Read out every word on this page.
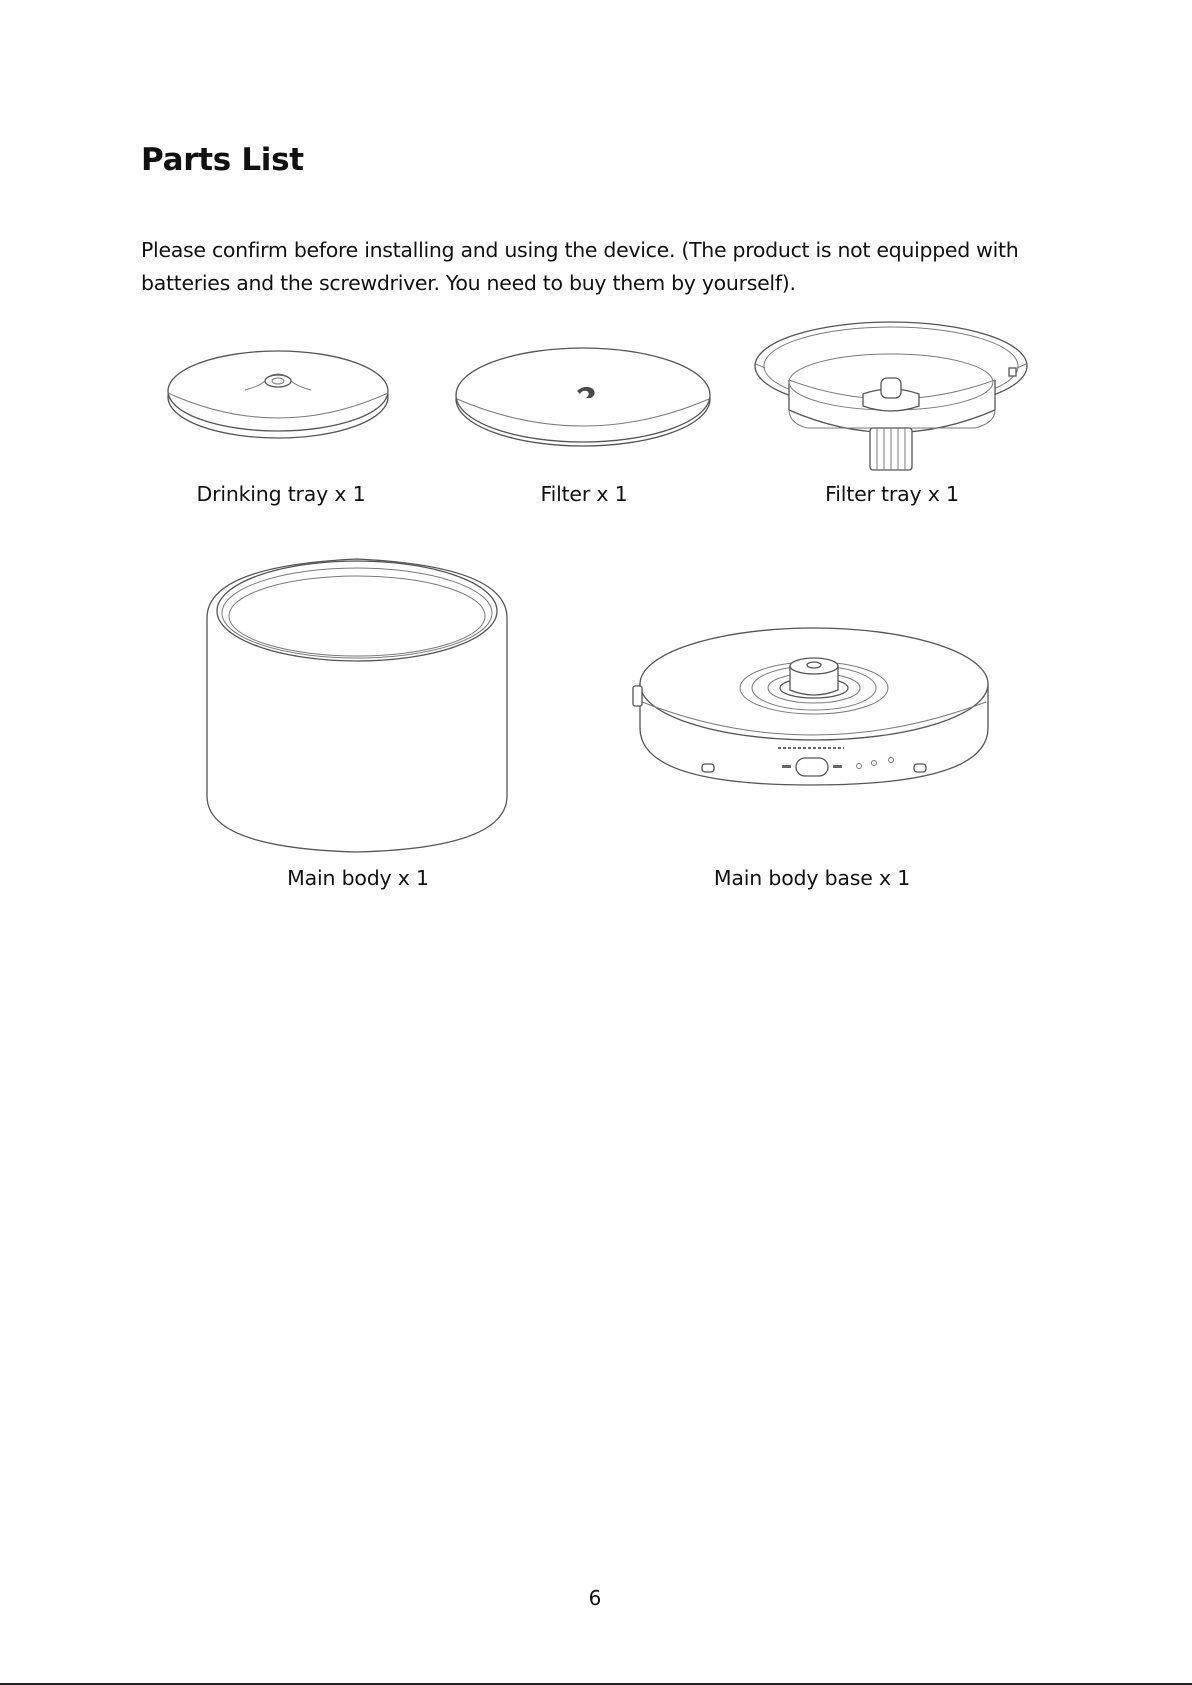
Parts List

Please confirm before installing and using the device. (The product is not equipped with batteries and the screwdriver. You need to buy them by yourself).

Drinking tray x 1	Filter x 1	Filter tray x 1

Main body x 1	Main body base x 1

6
